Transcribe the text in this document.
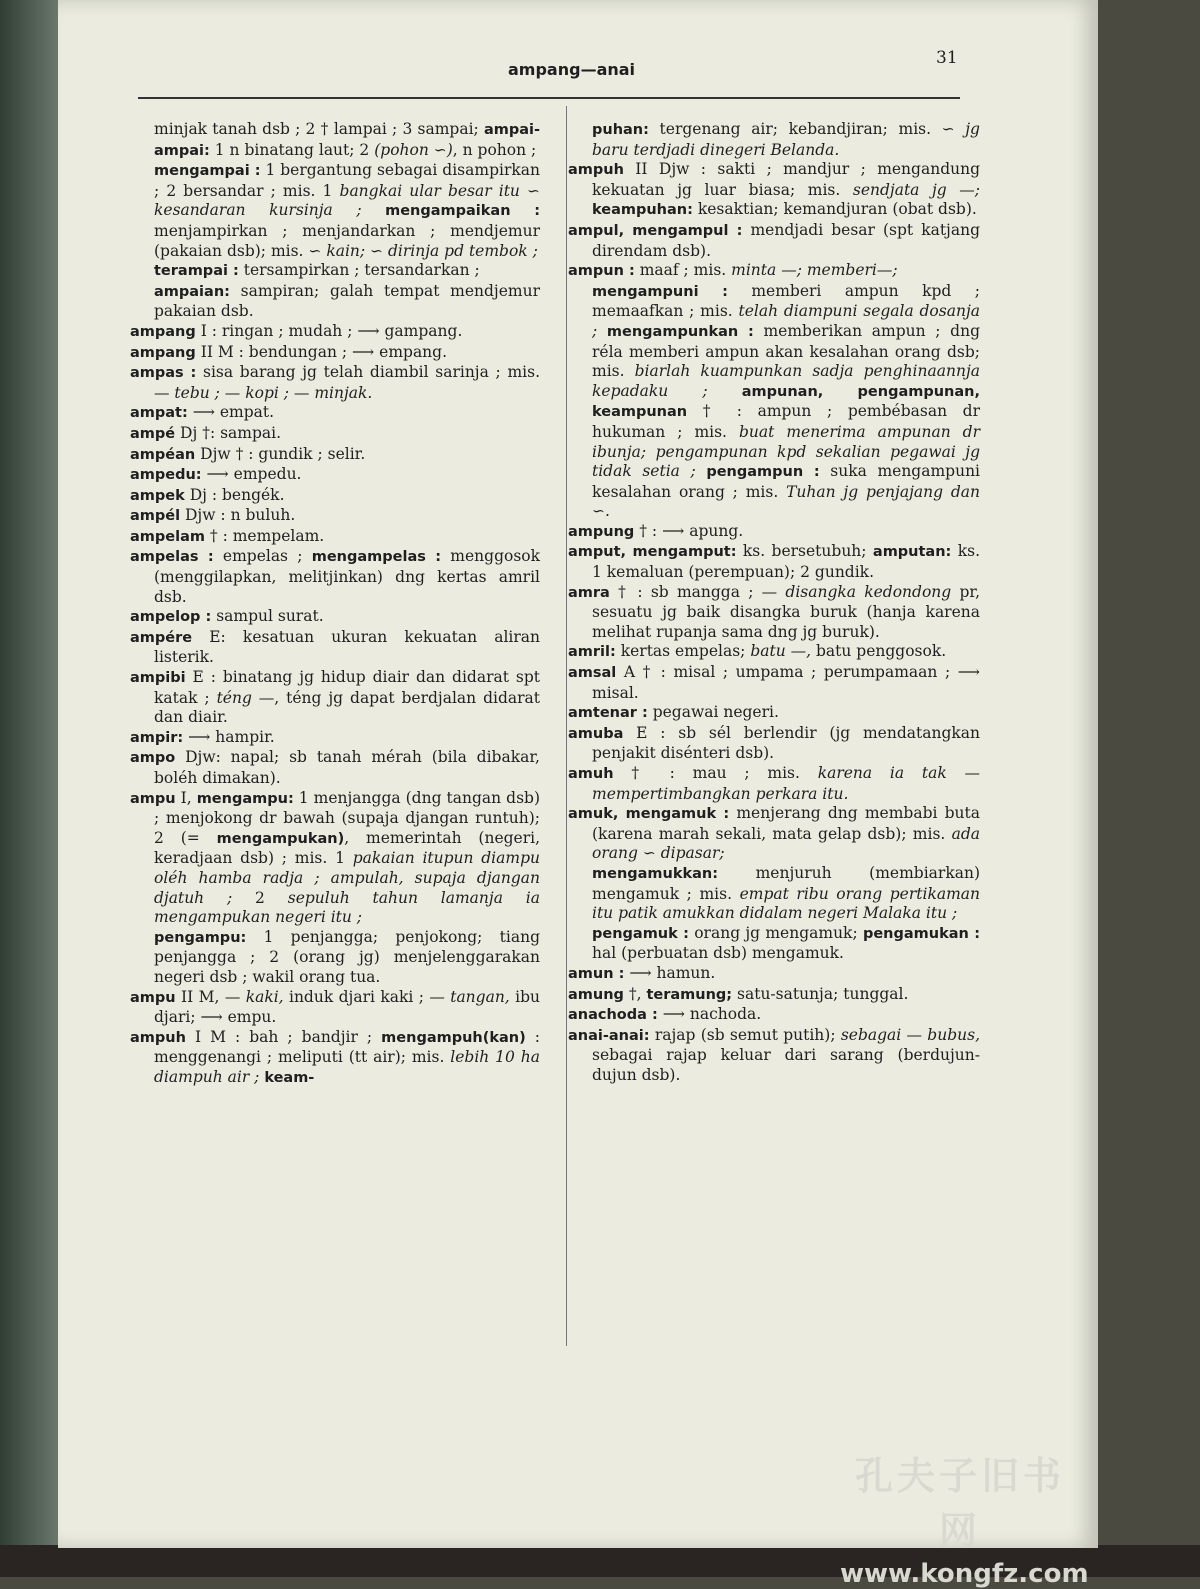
ampang—anai
31

minjak tanah dsb ; 2 † lampai ; 3 sampai; ampai-ampai: 1 n binatang laut; 2 (pohon ∽), n pohon ;

mengampai : 1 bergantung sebagai disampirkan ; 2 bersandar ; mis. 1 bangkai ular besar itu ∽ kesandaran kursinja ; mengampaikan : menjampirkan ; menjandarkan ; mendjemur (pakaian dsb); mis. ∽ kain; ∽ dirinja pd tembok ;

terampai : tersampirkan ; tersandarkan ;

ampaian: sampiran; galah tempat mendjemur pakaian dsb.

ampang I : ringan ; mudah ; ⟶ gampang.

ampang II M : bendungan ; ⟶ empang.

ampas : sisa barang jg telah diambil sarinja ; mis. — tebu ; — kopi ; — minjak.

ampat: ⟶ empat.

ampé Dj †: sampai.

ampéan Djw † : gundik ; selir.

ampedu: ⟶ empedu.

ampek Dj : bengék.

ampél Djw : n buluh.

ampelam † : mempelam.

ampelas : empelas ; mengampelas : menggosok (menggilapkan, melitjinkan) dng kertas amril dsb.

ampelop : sampul surat.

ampére E: kesatuan ukuran kekuatan aliran listerik.

ampibi E : binatang jg hidup diair dan didarat spt katak ; téng —, téng jg dapat berdjalan didarat dan diair.

ampir: ⟶ hampir.

ampo Djw: napal; sb tanah mérah (bila dibakar, boléh dimakan).

ampu I, mengampu: 1 menjangga (dng tangan dsb) ; menjokong dr bawah (supaja djangan runtuh); 2 (= mengampukan), memerintah (negeri, keradjaan dsb) ; mis. 1 pakaian itupun diampu oléh hamba radja ; ampulah, supaja djangan djatuh ; 2 sepuluh tahun lamanja ia mengampukan negeri itu ;

pengampu: 1 penjangga; penjokong; tiang penjangga ; 2 (orang jg) menjelenggarakan negeri dsb ; wakil orang tua.

ampu II M, — kaki, induk djari kaki ; — tangan, ibu djari; ⟶ empu.

ampuh I M : bah ; bandjir ; mengampuh(kan) : menggenangi ; meliputi (tt air); mis. lebih 10 ha diampuh air ; keam-

puhan: tergenang air; kebandjiran; mis. ∽ jg baru terdjadi dinegeri Belanda.

ampuh II Djw : sakti ; mandjur ; mengandung kekuatan jg luar biasa; mis. sendjata jg —; keampuhan: kesaktian; kemandjuran (obat dsb).

ampul, mengampul : mendjadi besar (spt katjang direndam dsb).

ampun : maaf ; mis. minta —; memberi—;

mengampuni : memberi ampun kpd ; memaafkan ; mis. telah diampuni segala dosanja ; mengampunkan : memberikan ampun ; dng réla memberi ampun akan kesalahan orang dsb; mis. biarlah kuampunkan sadja penghinaannja kepadaku ; ampunan, pengampunan, keampunan † : ampun ; pembébasan dr hukuman ; mis. buat menerima ampunan dr ibunja; pengampunan kpd sekalian pegawai jg tidak setia ; pengampun : suka mengampuni kesalahan orang ; mis. Tuhan jg penjajang dan ∽.

ampung † : ⟶ apung.

amput, mengamput: ks. bersetubuh; amputan: ks. 1 kemaluan (perempuan); 2 gundik.

amra † : sb mangga ; — disangka kedondong pr, sesuatu jg baik disangka buruk (hanja karena melihat rupanja sama dng jg buruk).

amril: kertas empelas; batu —, batu penggosok.

amsal A † : misal ; umpama ; perumpamaan ; ⟶ misal.

amtenar : pegawai negeri.

amuba E : sb sél berlendir (jg mendatangkan penjakit disénteri dsb).

amuh † : mau ; mis. karena ia tak — mempertimbangkan perkara itu.

amuk, mengamuk : menjerang dng membabi buta (karena marah sekali, mata gelap dsb); mis. ada orang ∽ dipasar;

mengamukkan: menjuruh (membiarkan) mengamuk ; mis. empat ribu orang pertikaman itu patik amukkan didalam negeri Malaka itu ;

pengamuk : orang jg mengamuk; pengamukan : hal (perbuatan dsb) mengamuk.

amun : ⟶ hamun.

amung †, teramung; satu-satunja; tunggal.

anachoda : ⟶ nachoda.

anai-anai: rajap (sb semut putih); sebagai — bubus, sebagai rajap keluar dari sarang (berdujun-dujun dsb).

孔夫子旧书网
www.kongfz.com
